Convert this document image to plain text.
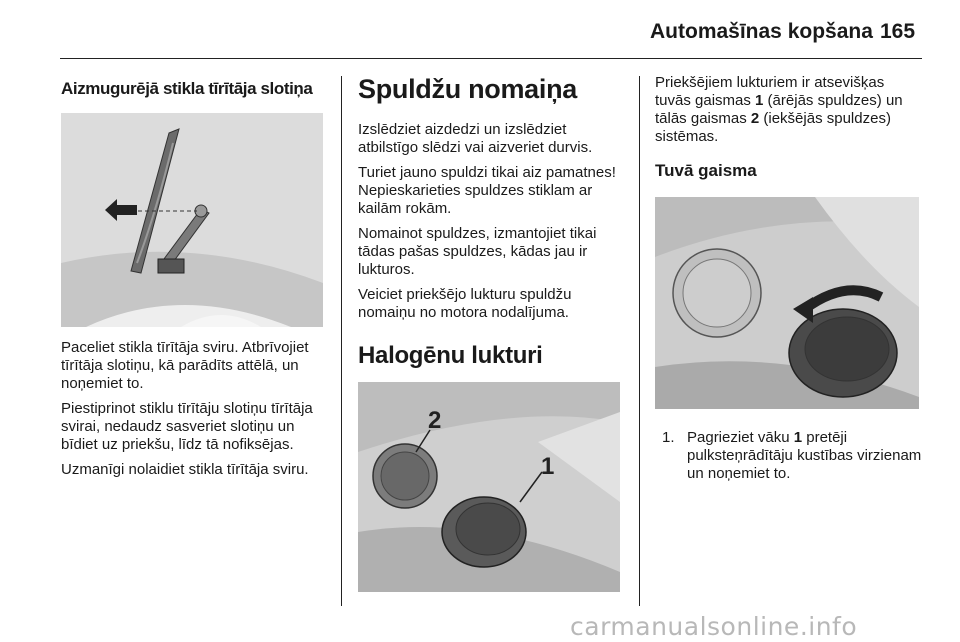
Automašīnas kopšana 165
Aizmugurējā stikla tīrītāja slotiņa

Paceliet stikla tīrītāja sviru. Atbrīvojiet tīrītāja slotiņu, kā parādīts attēlā, un noņemiet to.

Piestiprinot stiklu tīrītāju slotiņu tīrītāja svirai, nedaudz sasveriet slotiņu un bīdiet uz priekšu, līdz tā nofiksējas.

Uzmanīgi nolaidiet stikla tīrītāja sviru.

Spuldžu nomaiņa

Izslēdziet aizdedzi un izslēdziet atbilstīgo slēdzi vai aizveriet durvis.

Turiet jauno spuldzi tikai aiz pamatnes! Nepieskarieties spuldzes stiklam ar kailām rokām.

Nomainot spuldzes, izmantojiet tikai tādas pašas spuldzes, kādas jau ir lukturos.

Veiciet priekšējo lukturu spuldžu nomaiņu no motora nodalījuma.

Halogēnu lukturi
2
1

Priekšējiem lukturiem ir atsevišķas tuvās gaismas 1 (ārējās spuldzes) un tālās gaismas 2 (iekšējās spuldzes) sistēmas.

Tuvā gaisma
1. Pagrieziet vāku 1 pretēji pulksteņrādītāju kustības virzienam un noņemiet to.
carmanualsonline.info
